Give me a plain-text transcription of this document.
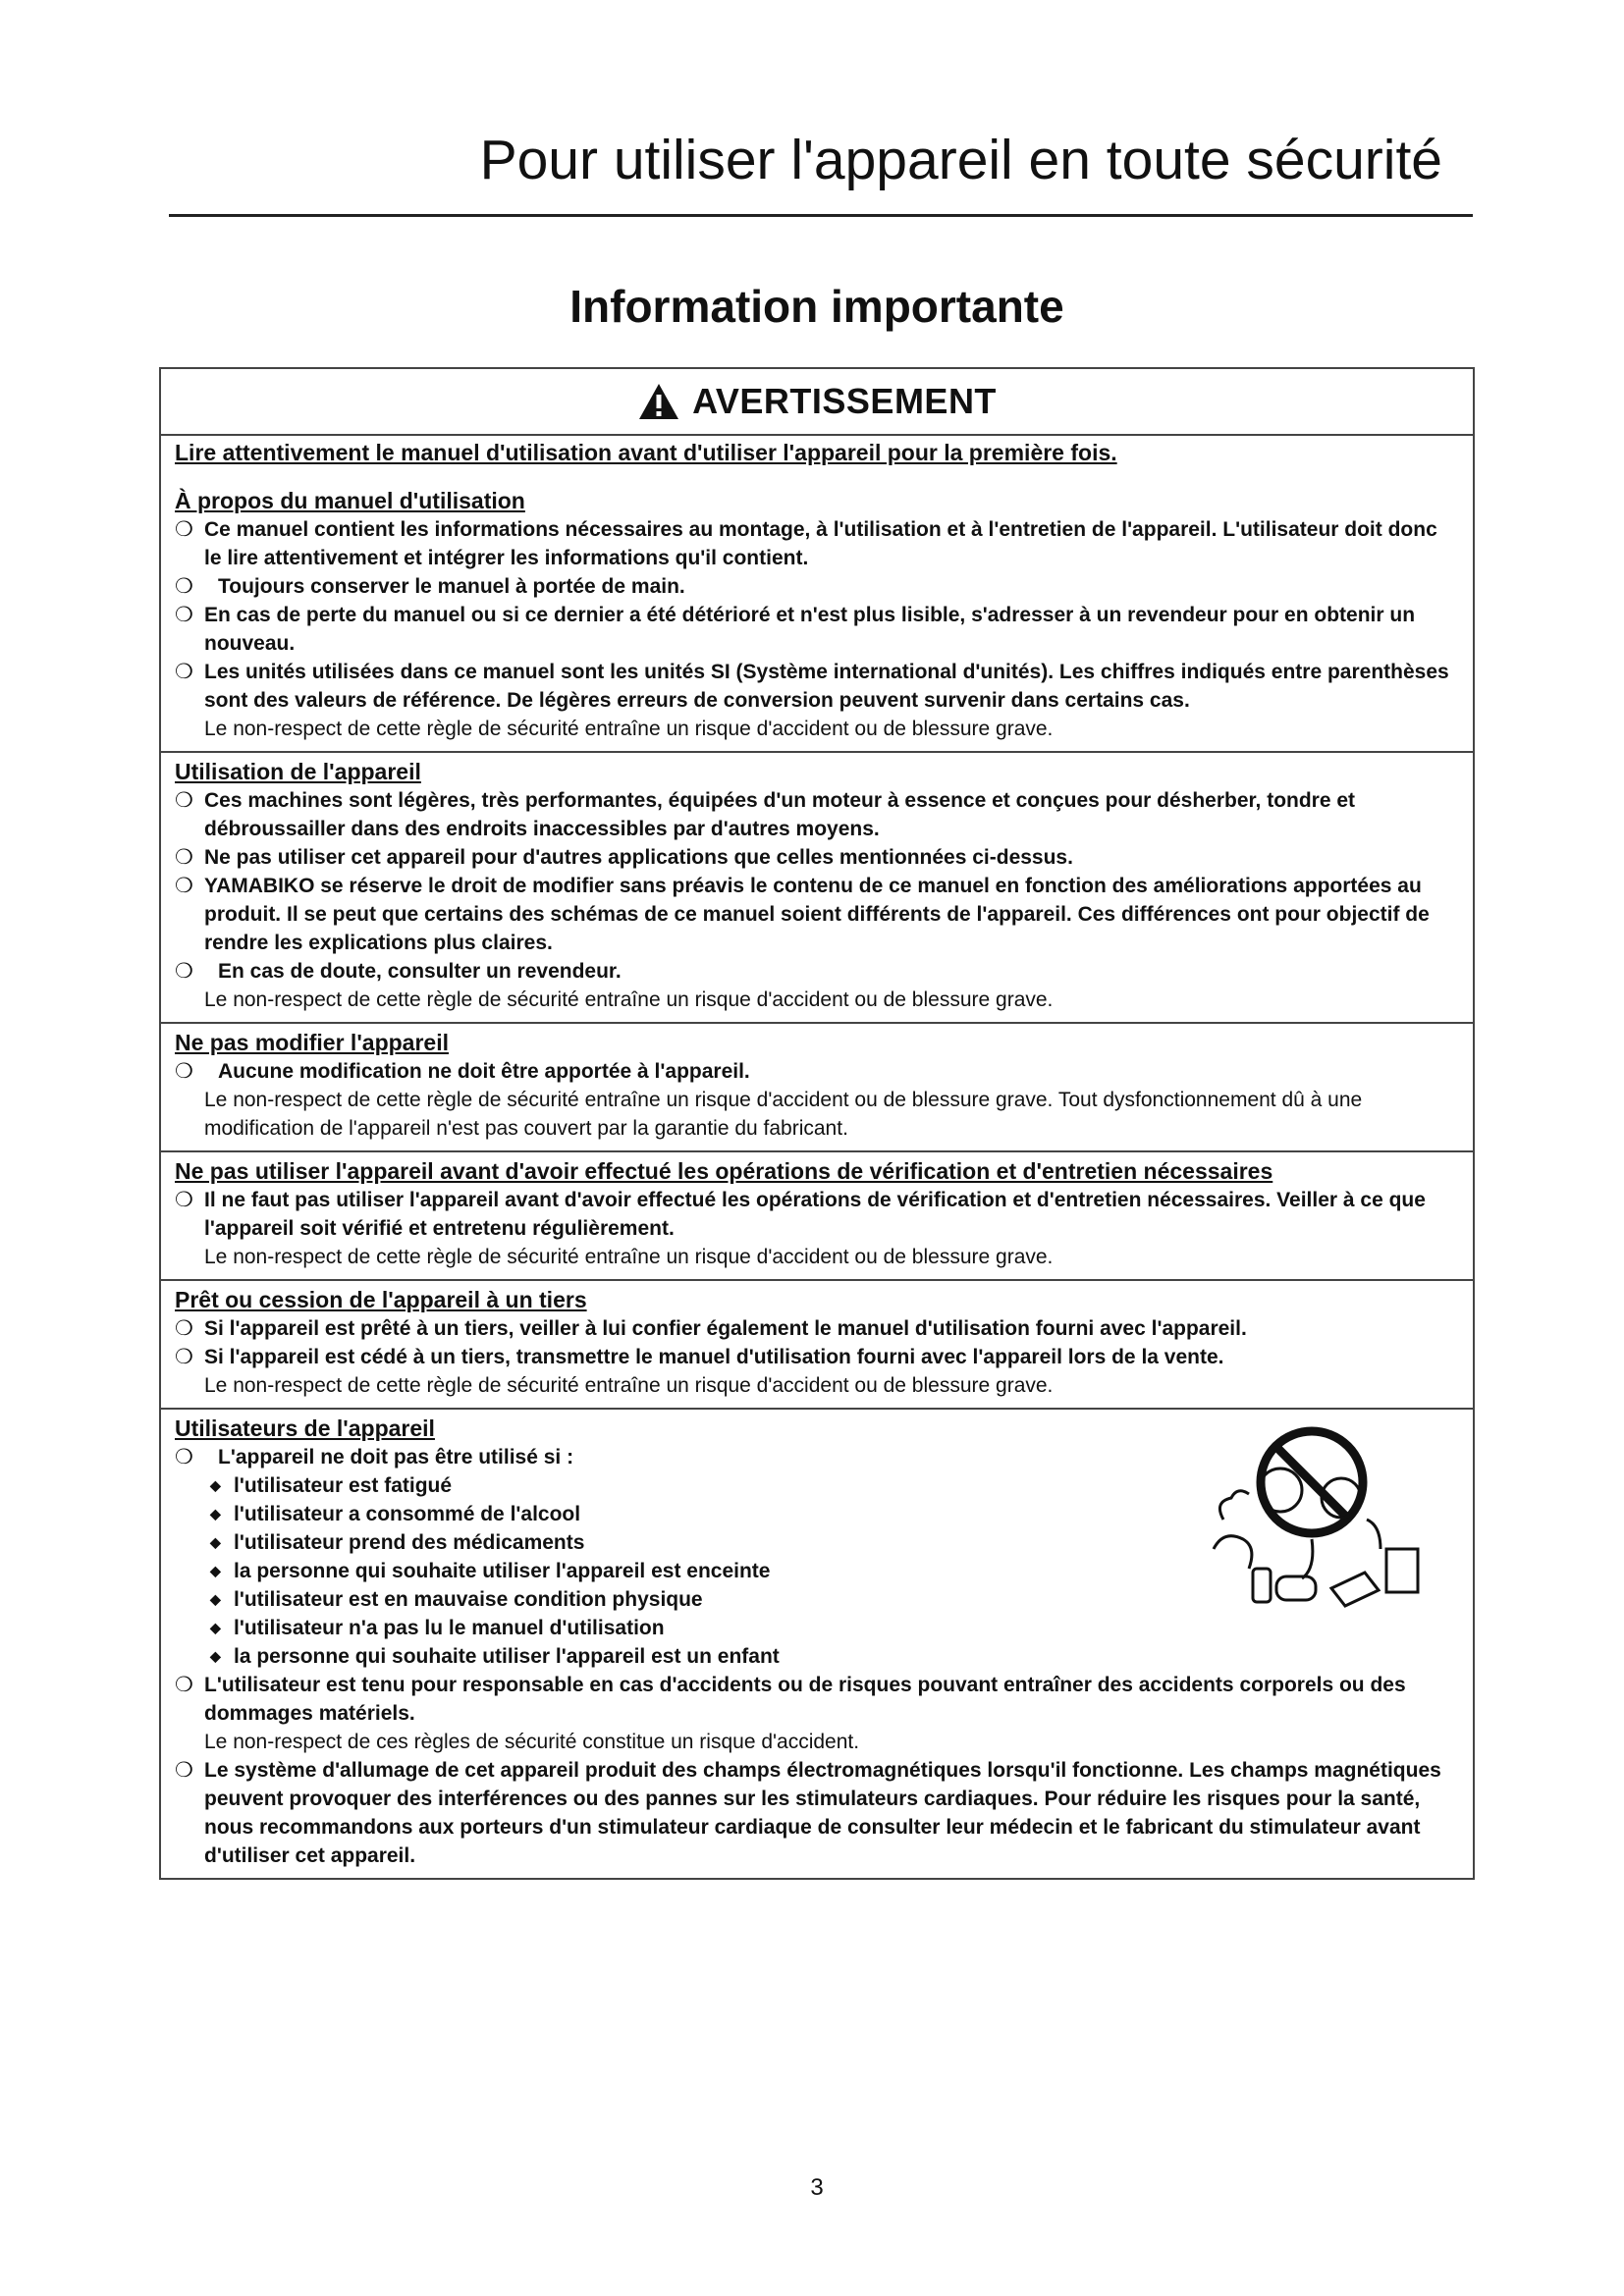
Pour utiliser l'appareil en toute sécurité
Information importante
AVERTISSEMENT
Lire attentivement le manuel d'utilisation avant d'utiliser l'appareil pour la première fois.
À propos du manuel d'utilisation
❍ Ce manuel contient les informations nécessaires au montage, à l'utilisation et à l'entretien de l'appareil. L'utilisateur doit donc le lire attentivement et intégrer les informations qu'il contient.
❍	Toujours conserver le manuel à portée de main.
❍ En cas de perte du manuel ou si ce dernier a été détérioré et n'est plus lisible, s'adresser à un revendeur pour en obtenir un nouveau.
❍ Les unités utilisées dans ce manuel sont les unités SI (Système international d'unités). Les chiffres indiqués entre parenthèses sont des valeurs de référence. De légères erreurs de conversion peuvent survenir dans certains cas.
Le non-respect de cette règle de sécurité entraîne un risque d'accident ou de blessure grave.
Utilisation de l'appareil
❍ Ces machines sont légères, très performantes, équipées d'un moteur à essence et conçues pour désherber, tondre et débroussailler dans des endroits inaccessibles par d'autres moyens.
❍ Ne pas utiliser cet appareil pour d'autres applications que celles mentionnées ci-dessus.
❍ YAMABIKO se réserve le droit de modifier sans préavis le contenu de ce manuel en fonction des améliorations apportées au produit. Il se peut que certains des schémas de ce manuel soient différents de l'appareil. Ces différences ont pour objectif de rendre les explications plus claires.
❍	En cas de doute, consulter un revendeur.
Le non-respect de cette règle de sécurité entraîne un risque d'accident ou de blessure grave.
Ne pas modifier l'appareil
❍	Aucune modification ne doit être apportée à l'appareil.
Le non-respect de cette règle de sécurité entraîne un risque d'accident ou de blessure grave. Tout dysfonctionnement dû à une modification de l'appareil n'est pas couvert par la garantie du fabricant.
Ne pas utiliser l'appareil avant d'avoir effectué les opérations de vérification et d'entretien nécessaires
❍ Il ne faut pas utiliser l'appareil avant d'avoir effectué les opérations de vérification et d'entretien nécessaires. Veiller à ce que l'appareil soit vérifié et entretenu régulièrement.
Le non-respect de cette règle de sécurité entraîne un risque d'accident ou de blessure grave.
Prêt ou cession de l'appareil à un tiers
❍ Si l'appareil est prêté à un tiers, veiller à lui confier également le manuel d'utilisation fourni avec l'appareil.
❍ Si l'appareil est cédé à un tiers, transmettre le manuel d'utilisation fourni avec l'appareil lors de la vente.
Le non-respect de cette règle de sécurité entraîne un risque d'accident ou de blessure grave.
Utilisateurs de l'appareil
❍	L'appareil ne doit pas être utilisé si :
◆ l'utilisateur est fatigué
◆ l'utilisateur a consommé de l'alcool
◆ l'utilisateur prend des médicaments
◆ la personne qui souhaite utiliser l'appareil est enceinte
◆ l'utilisateur est en mauvaise condition physique
◆ l'utilisateur n'a pas lu le manuel d'utilisation
◆ la personne qui souhaite utiliser l'appareil est un enfant
❍ L'utilisateur est tenu pour responsable en cas d'accidents ou de risques pouvant entraîner des accidents corporels ou des dommages matériels.
Le non-respect de ces règles de sécurité constitue un risque d'accident.
❍ Le système d'allumage de cet appareil produit des champs électromagnétiques lorsqu'il fonctionne. Les champs magnétiques peuvent provoquer des interférences ou des pannes sur les stimulateurs cardiaques. Pour réduire les risques pour la santé, nous recommandons aux porteurs d'un stimulateur cardiaque de consulter leur médecin et le fabricant du stimulateur avant d'utiliser cet appareil.
3
